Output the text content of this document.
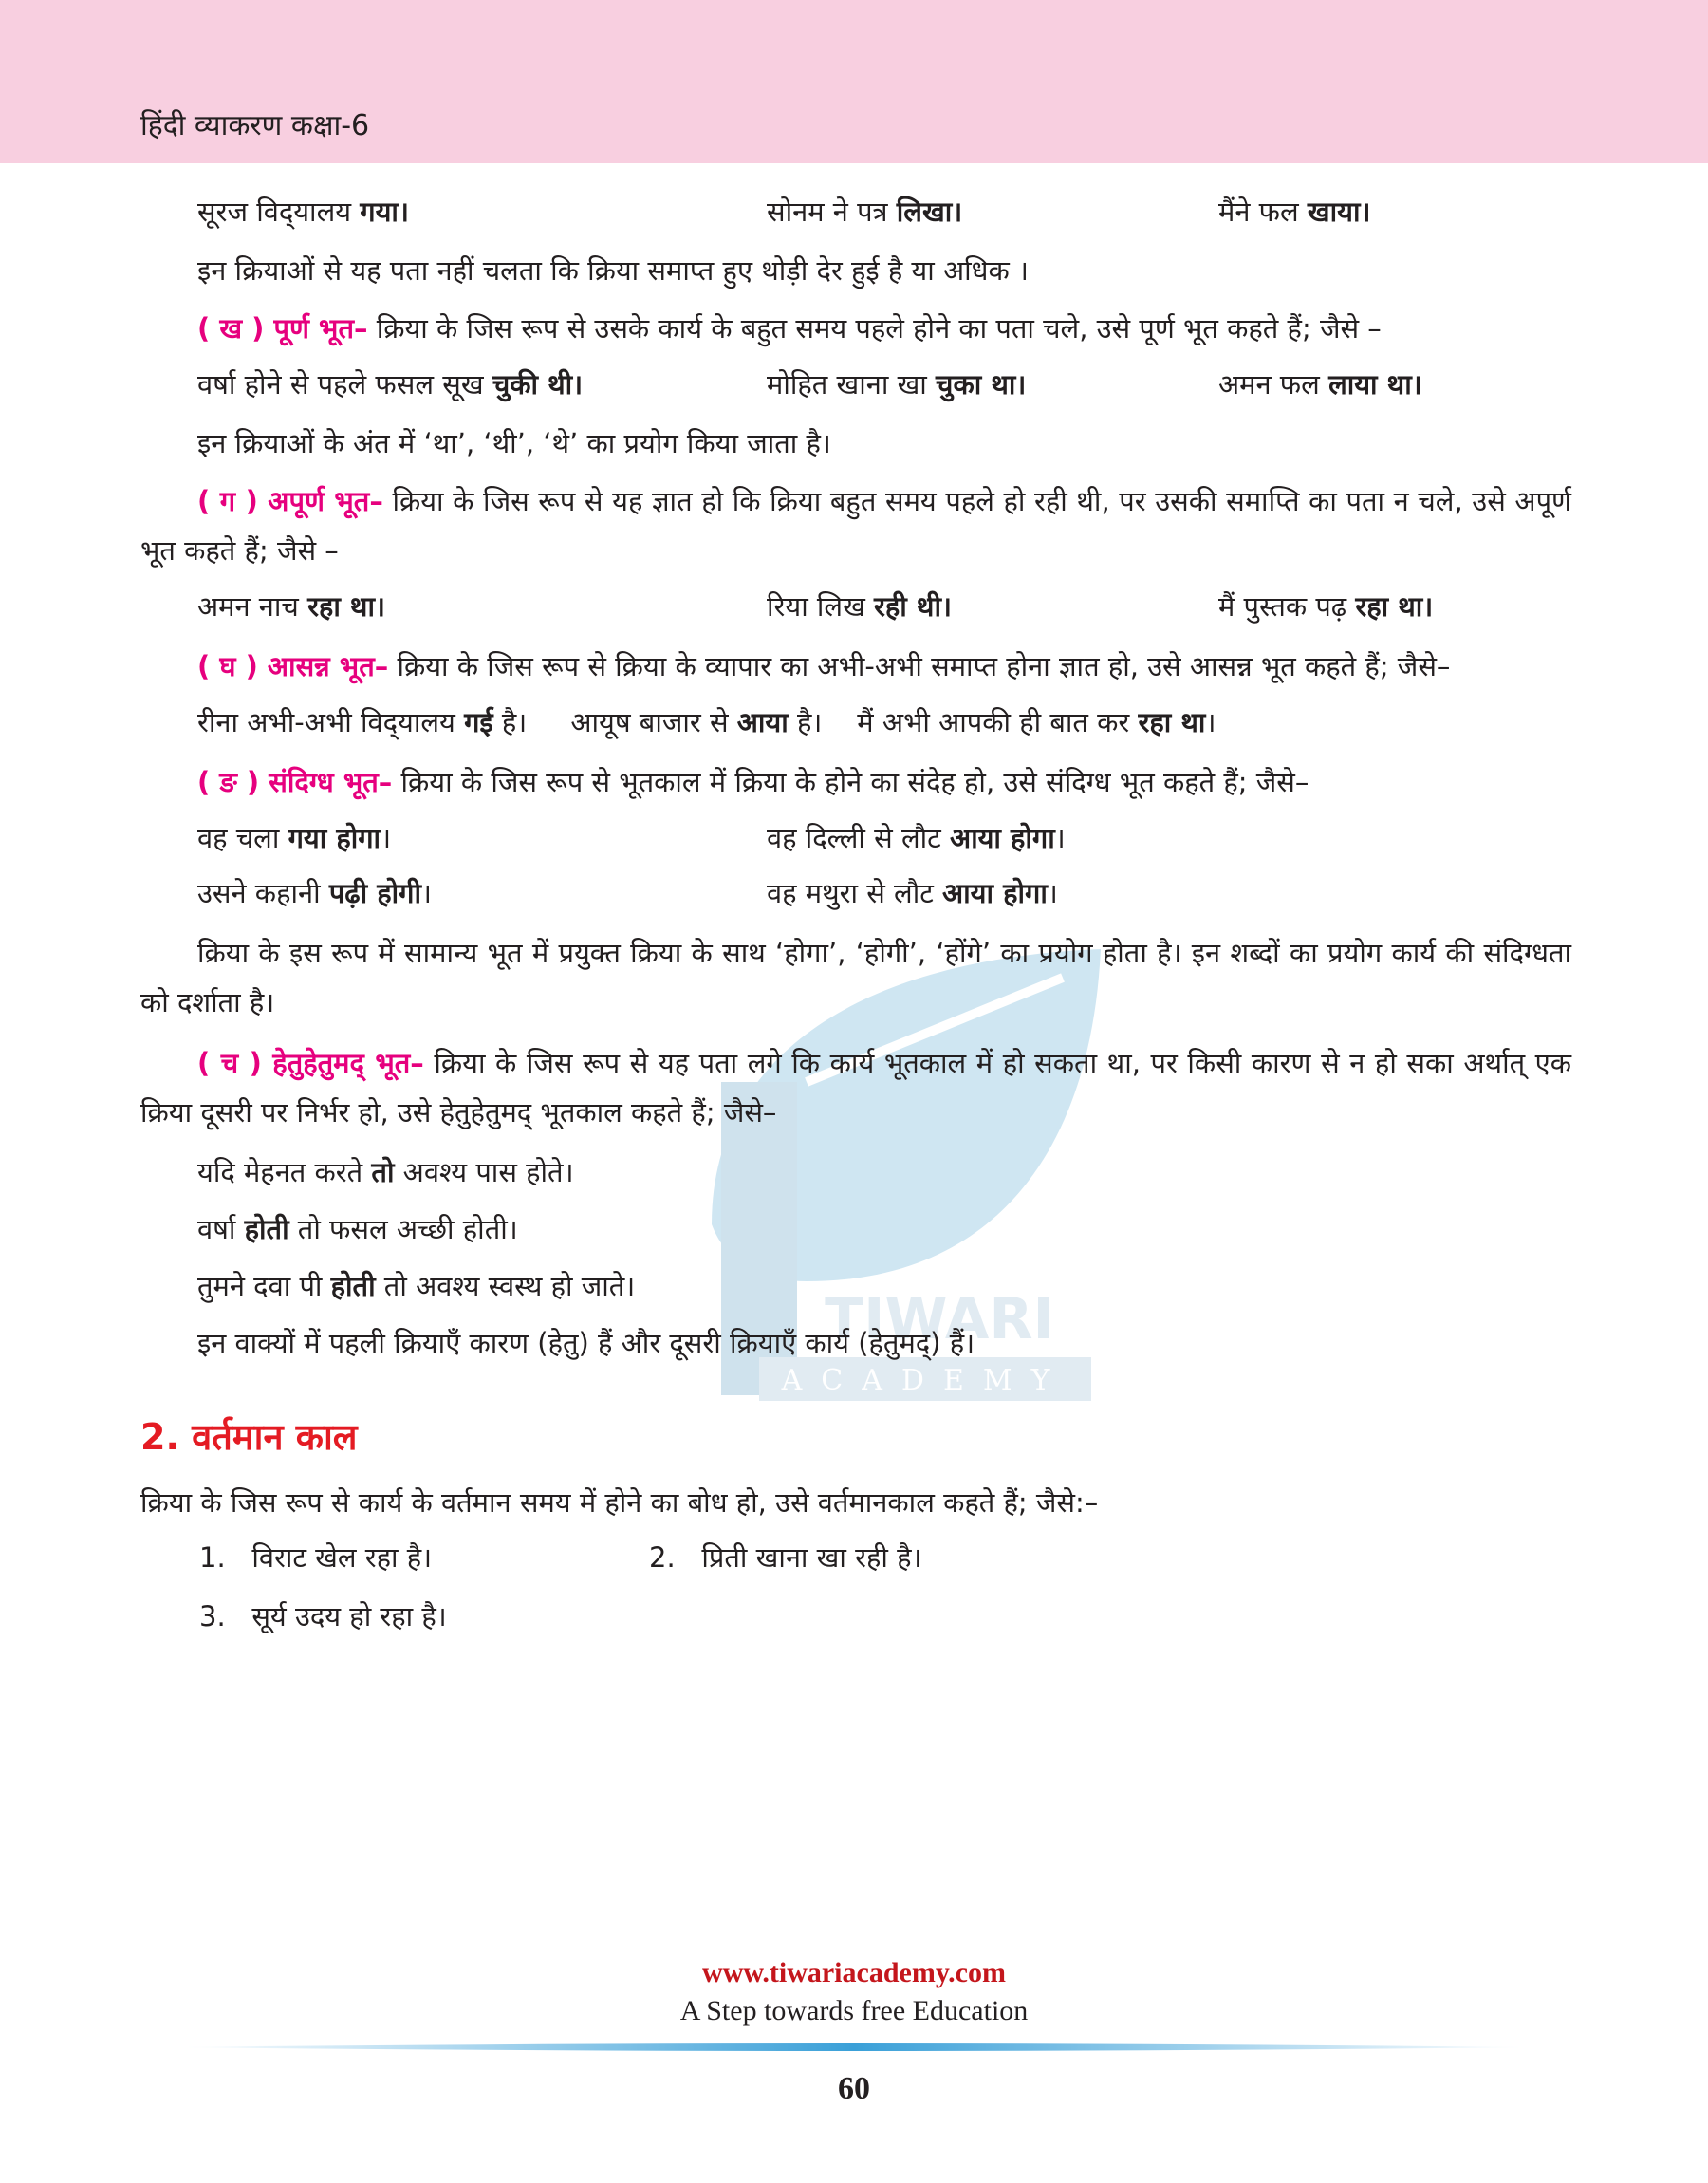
हिंदी व्याकरण कक्षा-6
TIWARI
ACADEMY
सूरज विद्‌यालय गया।	सोनम ने पत्र लिखा।	मैंने फल खाया।

इन क्रियाओं से यह पता नहीं चलता कि क्रिया समाप्त हुए थोड़ी देर हुई है या अधिक ।

( ख ) पूर्ण भूत– क्रिया के जिस रूप से उसके कार्य के बहुत समय पहले होने का पता चले, उसे पूर्ण भूत कहते हैं; जैसे –

वर्षा होने से पहले फसल सूख चुकी थी।	मोहित खाना खा चुका था।	अमन फल लाया था।

इन क्रियाओं के अंत में ‘था’, ‘थी’, ‘थे’ का प्रयोग किया जाता है।

( ग ) अपूर्ण भूत– क्रिया के जिस रूप से यह ज्ञात हो कि क्रिया बहुत समय पहले हो रही थी, पर उसकी समाप्ति का पता न चले, उसे अपूर्ण भूत कहते हैं; जैसे –

अमन नाच रहा था।	रिया लिख रही थी।	मैं पुस्तक पढ़ रहा था।

( घ ) आसन्न भूत– क्रिया के जिस रूप से क्रिया के व्यापार का अभी-अभी समाप्त होना ज्ञात हो, उसे आसन्न भूत कहते हैं; जैसे–

रीना अभी-अभी विद्‌यालय गई है।     आयूष बाजार से आया है।    मैं अभी आपकी ही बात कर रहा था।

( ङ ) संदिग्ध भूत– क्रिया के जिस रूप से भूतकाल में क्रिया के होने का संदेह हो, उसे संदिग्ध भूत कहते हैं; जैसे–

वह चला गया होगा।	वह दिल्ली से लौट आया होगा।
उसने कहानी पढ़ी होगी।	वह मथुरा से लौट आया होगा।

क्रिया के इस रूप में सामान्य भूत में प्रयुक्त क्रिया के साथ ‘होगा’, ‘होगी’, ‘होंगे’ का प्रयोग होता है। इन शब्दों का प्रयोग कार्य की संदिग्धता को दर्शाता है।

( च ) हेतुहेतुमद् भूत– क्रिया के जिस रूप से यह पता लगे कि कार्य भूतकाल में हो सकता था, पर किसी कारण से न हो सका अर्थात् एक क्रिया दूसरी पर निर्भर हो, उसे हेतुहेतुमद् भूतकाल कहते हैं; जैसे–

यदि मेहनत करते तो अवश्य पास होते।

वर्षा होती तो फसल अच्छी होती।

तुमने दवा पी होती तो अवश्य स्वस्थ हो जाते।

इन वाक्यों में पहली क्रियाएँ कारण (हेतु) हैं और दूसरी क्रियाएँ कार्य (हेतुमद्) हैं।

2. वर्तमान काल

क्रिया के जिस रूप से कार्य के वर्तमान समय में होने का बोध हो, उसे वर्तमानकाल कहते हैं; जैसे:–

1.   विराट खेल रहा है।	2.   प्रिती खाना खा रही है।
3.   सूर्य उदय हो रहा है।
www.tiwariacademy.com
A Step towards free Education
60
